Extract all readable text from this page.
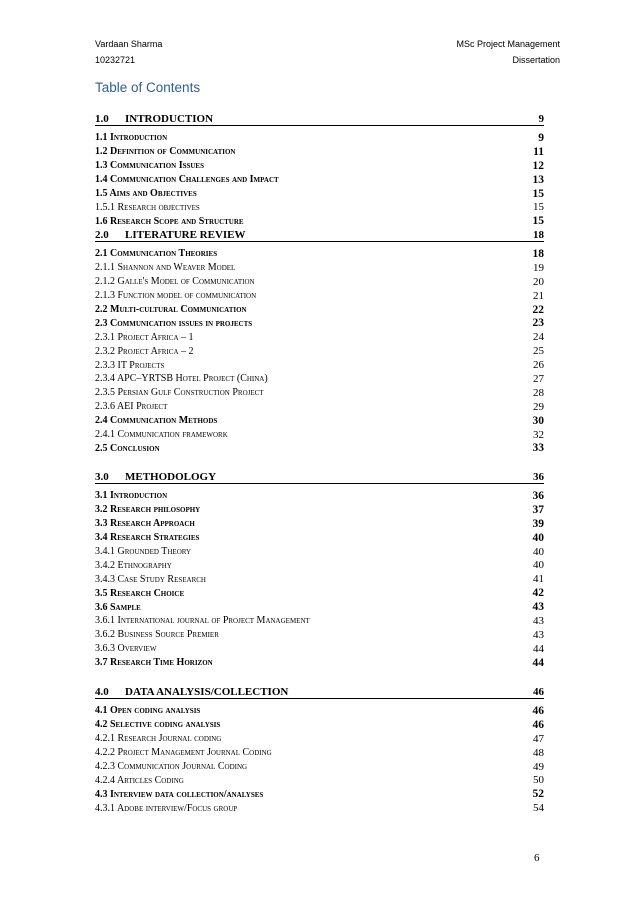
Vardaan Sharma
10232721
MSc Project Management
Dissertation
Table of Contents
1.0	INTRODUCTION	9
1.1 Introduction	9
1.2 Definition of Communication	11
1.3 Communication Issues	12
1.4 Communication Challenges and Impact	13
1.5 Aims and Objectives	15
1.5.1 Research objectives	15
1.6 Research Scope and Structure	15
2.0	LITERATURE REVIEW	18
2.1 Communication Theories	18
2.1.1 Shannon and Weaver Model	19
2.1.2 Galle's Model of Communication	20
2.1.3 Function model of communication	21
2.2 Multi-cultural Communication	22
2.3 Communication issues in projects	23
2.3.1 Project Africa – 1	24
2.3.2 Project Africa – 2	25
2.3.3 IT Projects	26
2.3.4 APC–YRTSB Hotel Project (China)	27
2.3.5 Persian Gulf Construction Project	28
2.3.6 AEI Project	29
2.4 Communication Methods	30
2.4.1 Communication framework	32
2.5 Conclusion	33
3.0	METHODOLOGY	36
3.1 Introduction	36
3.2 Research philosophy	37
3.3 Research Approach	39
3.4 Research Strategies	40
3.4.1 Grounded Theory	40
3.4.2 Ethnography	40
3.4.3 Case Study Research	41
3.5 Research Choice	42
3.6 Sample	43
3.6.1 International journal of Project Management	43
3.6.2 Business Source Premier	43
3.6.3 Overview	44
3.7 Research Time Horizon	44
4.0	DATA ANALYSIS/COLLECTION	46
4.1 Open coding analysis	46
4.2 Selective coding analysis	46
4.2.1 Research Journal coding	47
4.2.2 Project Management Journal Coding	48
4.2.3 Communication Journal Coding	49
4.2.4 Articles Coding	50
4.3 Interview data collection/analyses	52
4.3.1 Adobe interview/Focus group	54
6
